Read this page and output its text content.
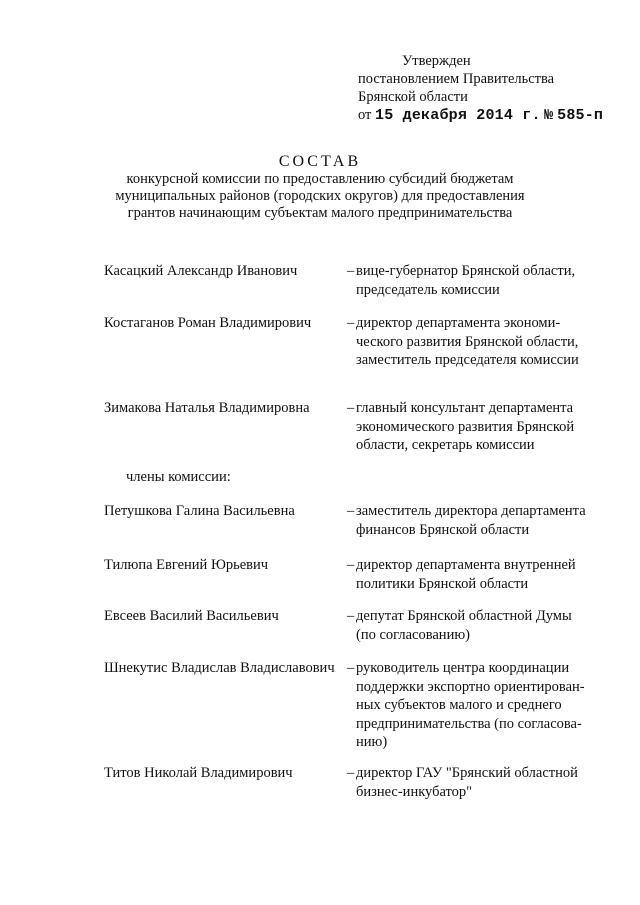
Утвержден
постановлением Правительства
Брянской области
от 15 декабря 2014 г. № 585-п
СОСТАВ
конкурсной комиссии по предоставлению субсидий бюджетам
муниципальных районов (городских округов) для предоставления
грантов начинающим субъектам малого предпринимательства
Касацкий Александр Иванович	– вице-губернатор Брянской области,
председатель комиссии
Костаганов Роман Владимирович – директор департамента экономи-
ческого развития Брянской области,
заместитель председателя комиссии
Зимакова Наталья Владимировна	– главный консультант департамента
экономического развития Брянской
области, секретарь комиссии
члены комиссии:
Петушкова Галина Васильевна	– заместитель директора департамента
финансов Брянской области
Тилюпа Евгений Юрьевич	– директор департамента внутренней
политики Брянской области
Евсеев Василий Васильевич	– депутат Брянской областной Думы
(по согласованию)
Шнекутис Владислав Владиславович – руководитель центра координации
поддержки экспортно ориентирован-
ных субъектов малого и среднего
предпринимательства (по согласова-
нию)
Титов Николай Владимирович	– директор ГАУ "Брянский областной
бизнес-инкубатор"
